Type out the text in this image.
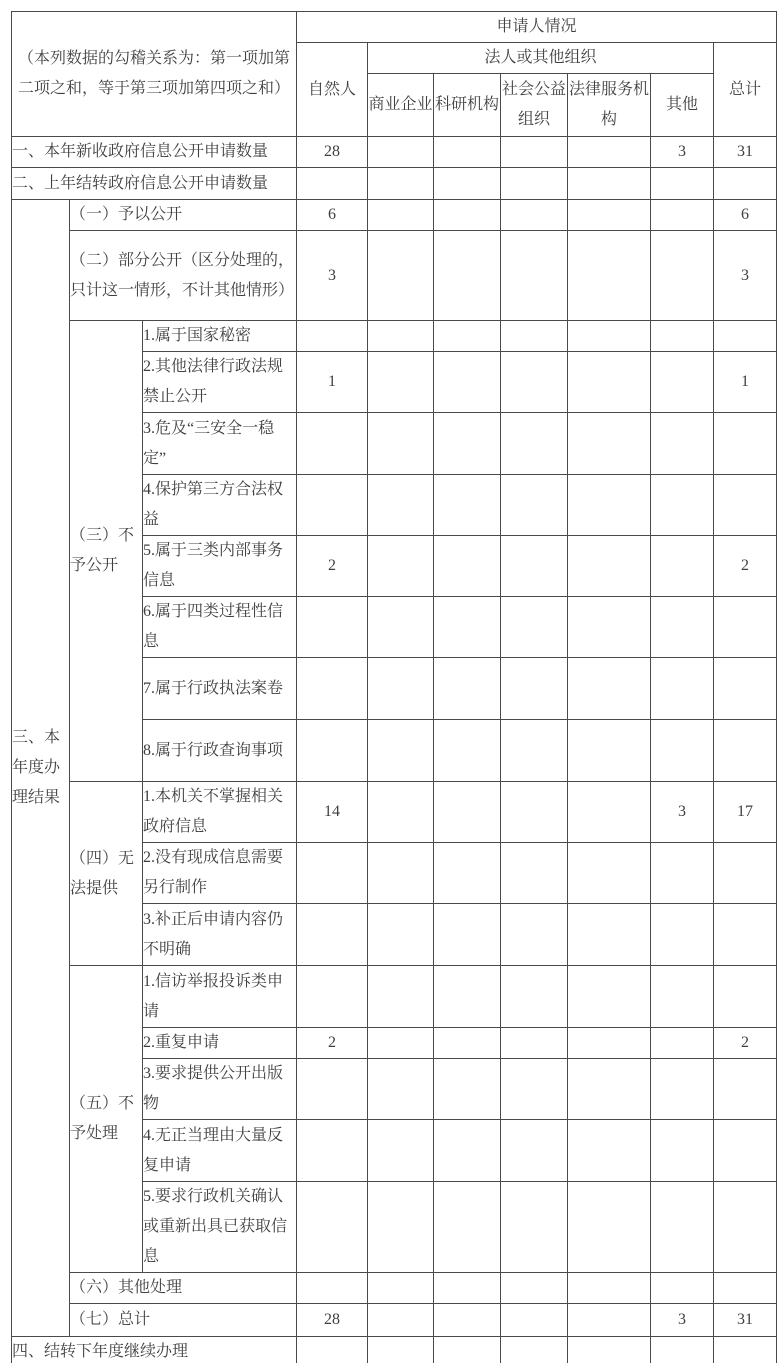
（本列数据的勾稽关系为：第一项加第二项之和，等于第三项加第四项之和）			申请人情况						
			自然人	法人或其他组织					总计
				商业企业	科研机构	社会公益组织	法律服务机构	其他	
一、本年新收政府信息公开申请数量			28					3	31
二、上年结转政府信息公开申请数量									
三、本年度办理结果	（一）予以公开		6						6
	（二）部分公开（区分处理的，只计这一情形，不计其他情形）		3						3
	（三）不予公开	1.属于国家秘密							
		2.其他法律行政法规禁止公开	1						1
		3.危及“三安全一稳定”							
		4.保护第三方合法权益							
		5.属于三类内部事务信息	2						2
		6.属于四类过程性信息							
		7.属于行政执法案卷							
		8.属于行政查询事项							
	（四）无法提供	1.本机关不掌握相关政府信息	14					3	17
		2.没有现成信息需要另行制作							
		3.补正后申请内容仍不明确							
	（五）不予处理	1.信访举报投诉类申请							
		2.重复申请	2						2
		3.要求提供公开出版物							
		4.无正当理由大量反复申请							
		5.要求行政机关确认或重新出具已获取信息							
	（六）其他处理								
	（七）总计		28					3	31
四、结转下年度继续办理									
